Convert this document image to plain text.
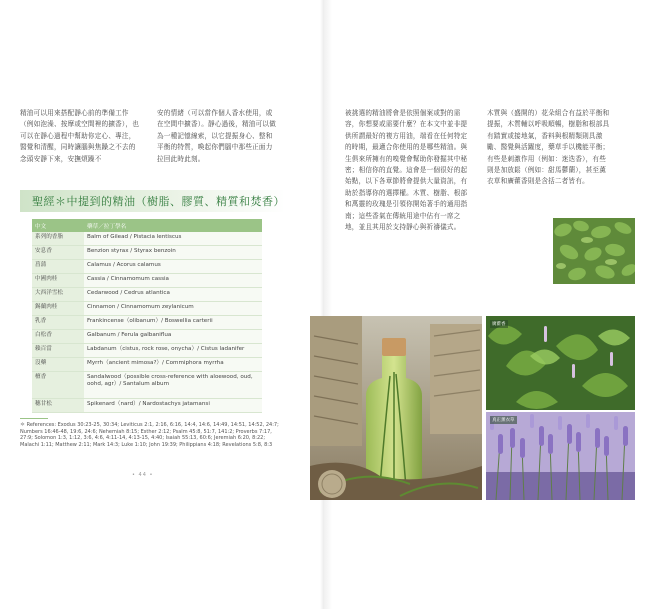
精油可以用來搭配靜心前的準備工作（例如泡澡、按摩或空間裡的擴香），也可以在靜心過程中幫助你定心、專注，醫覺和清醒，同時讓腦與焦躁之不去的念頭安靜下來，安撫煩躁不

安的情緒（可以當作個人香水使用，或在空間中擴香）。靜心過後，精油可以做為一種記憶線索，以它提振身心、整和平衡的特質，喚起你們腦中那些正面力拉回此時此刻。

聖經＊中提到的精油（樹脂、膠質、精質和焚香）
中文	藥草／拉丁學名
系列的香脂	Balm of Gilead / Pistacia lentiscus
安息香	Benzion styrax / Styrax benzoin
菖蒲	Calamus / Acorus calamus
中國肉桂	Cassia / Cinnamomum cassia
大西洋雪松	Cedarwood / Cedrus atlantica
錫蘭肉桂	Cinnamon / Cinnamomum zeylanicum
乳香	Frankincense（olibanum）/ Boswellia carterii
白松香	Galbanum / Ferula galbaniflua
賴百當	Labdanum（cistus, rock rose, onycha）/ Cistus ladanifer
沒藥	Myrrh（ancient mimosa?）/ Commiphora myrrha
檀香	Sandalwood（possible cross-reference with aloewood, oud, oohd, agr）/ Santalum album
穗甘松	Spikenard（nard）/ Nardostachys jatamansi
＊ References: Exodus 30:23-25, 30:34; Leviticus 2:1, 2:16, 6:16, 14:4, 14:6, 14:49, 14:51, 14:52, 24:7; Numbers 16:46-48, 19:6, 24:6; Nehemiah 8:15; Esther 2:12; Psalm 45:8, 51:7, 141:2; Proverbs 7:17, 27:9; Solomon 1:3, 1:12, 3:6, 4:6, 4:11-14, 4:13-15, 4:40; Isaiah 55:13, 60:6; Jeremiah 6:20, 8:22; Malachi 1:11; Matthew 2:11; Mark 14:3; Luke 1:10; John 19:39; Philippians 4:18; Revelations 5:8, 8:3
• 44 •

被挑選的精油將會是依照個案或對的需容，你想要或需要什麼？在本文中並非提供所謂最好的複方用油，端看在任何特定的時期，最適合你使用的是哪些精油。與生俱來所擁有的嗅覺會幫助你發掘其中秘密；相信你的直覺。這會是一個很好的起始點，以下各章節將會提供大量資訊，有助於指導你的選擇權。木質、樹脂、根部和萬靈的玫瑰是引領你開始著手的通用指南；這些香氣在傳統用途中佔有一席之地，並且其用於支持靜心與祈禱儀式。

木質與（盛開的）花朵組合有益於平衡和提振，木質輔以呼吸順暢，樹脂和根部具有踏實或接地氣，香料與根精類則具激勵、醫覺與活躍度，藥草手以機能平衡；有些是刺激作用（例如：迷迭香），有些則是加放鬆（例如：甜馬鬱蘭），甚至薰衣草和廣藿香則是含括二者皆有。

廣藿香
真正薰衣草
